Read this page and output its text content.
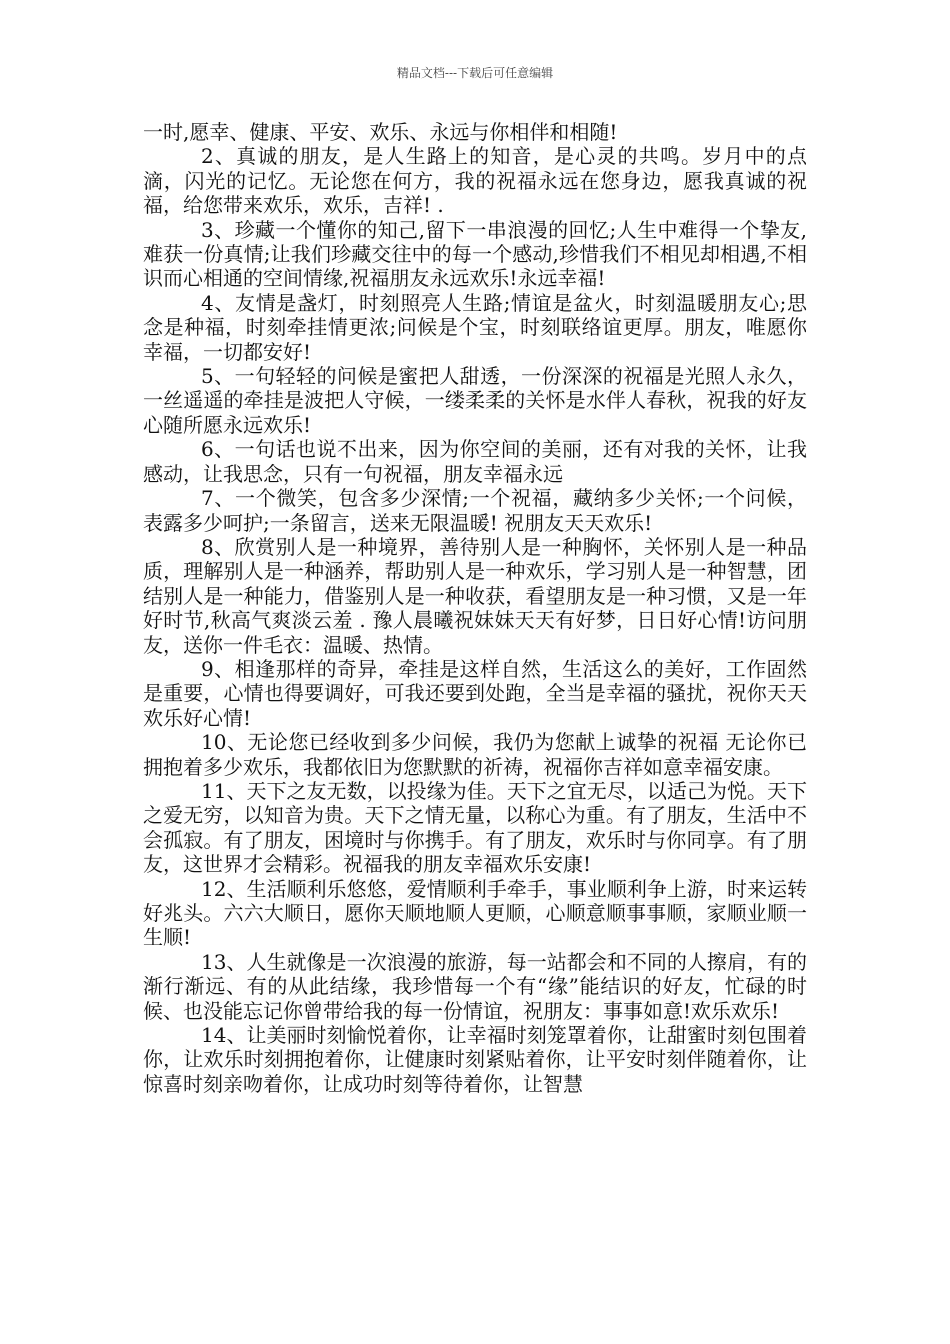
精品文档---下载后可任意编辑

一时,愿幸、健康、平安、欢乐、永远与你相伴和相随!

2、真诚的朋友，是人生路上的知音，是心灵的共鸣。岁月中的点滴，闪光的记忆。无论您在何方，我的祝福永远在您身边，愿我真诚的祝福，给您带来欢乐，欢乐，吉祥! .

3、珍藏一个懂你的知己,留下一串浪漫的回忆;人生中难得一个挚友,难获一份真情;让我们珍藏交往中的每一个感动,珍惜我们不相见却相遇,不相识而心相通的空间情缘,祝福朋友永远欢乐!永远幸福!

4、友情是盏灯，时刻照亮人生路;情谊是盆火，时刻温暖朋友心;思念是种福，时刻牵挂情更浓;问候是个宝，时刻联络谊更厚。朋友，唯愿你幸福，一切都安好!

5、一句轻轻的问候是蜜把人甜透，一份深深的祝福是光照人永久，一丝遥遥的牵挂是波把人守候，一缕柔柔的关怀是水伴人春秋，祝我的好友心随所愿永远欢乐!

6、一句话也说不出来，因为你空间的美丽，还有对我的关怀，让我感动，让我思念，只有一句祝福，朋友幸福永远

7、一个微笑，包含多少深情;一个祝福，藏纳多少关怀;一个问候，表露多少呵护;一条留言，送来无限温暖! 祝朋友天天欢乐!

8、欣赏别人是一种境界，善待别人是一种胸怀，关怀别人是一种品质，理解别人是一种涵养，帮助别人是一种欢乐，学习别人是一种智慧，团结别人是一种能力，借鉴别人是一种收获，看望朋友是一种习惯，又是一年好时节,秋高气爽淡云羞 . 豫人晨曦祝妹妹天天有好梦，日日好心情!访问朋友，送你一件毛衣：温暖、热情。

9、相逢那样的奇异，牵挂是这样自然，生活这么的美好，工作固然是重要，心情也得要调好，可我还要到处跑，全当是幸福的骚扰，祝你天天欢乐好心情!

10、无论您已经收到多少问候，我仍为您献上诚挚的祝福 无论你已拥抱着多少欢乐，我都依旧为您默默的祈祷，祝福你吉祥如意幸福安康。

11、天下之友无数，以投缘为佳。天下之宜无尽，以适己为悦。天下之爱无穷，以知音为贵。天下之情无量，以称心为重。有了朋友，生活中不会孤寂。有了朋友，困境时与你携手。有了朋友，欢乐时与你同享。有了朋友，这世界才会精彩。祝福我的朋友幸福欢乐安康!

12、生活顺利乐悠悠，爱情顺利手牵手，事业顺利争上游，时来运转好兆头。六六大顺日，愿你天顺地顺人更顺，心顺意顺事事顺，家顺业顺一生顺!

13、人生就像是一次浪漫的旅游，每一站都会和不同的人擦肩，有的渐行渐远、有的从此结缘，我珍惜每一个有“缘”能结识的好友，忙碌的时候、也没能忘记你曾带给我的每一份情谊，祝朋友：事事如意!欢乐欢乐!

14、让美丽时刻愉悦着你，让幸福时刻笼罩着你，让甜蜜时刻包围着你，让欢乐时刻拥抱着你，让健康时刻紧贴着你，让平安时刻伴随着你，让惊喜时刻亲吻着你，让成功时刻等待着你，让智慧
